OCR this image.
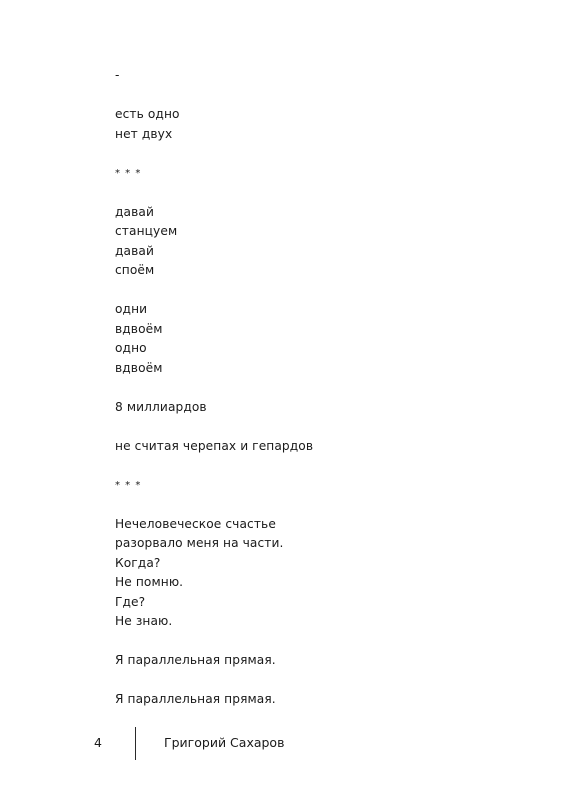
-
есть одно
нет двух
* * *
давай
станцуем
давай
споём
одни
вдвоём
одно
вдвоём
8 миллиардов
не считая черепах и гепардов
* * *
Нечеловеческое счастье
разорвало меня на части.
Когда?
Не помню.
Где?
Не знаю.
Я параллельная прямая.
Я параллельная прямая.
4	Григорий Сахаров
